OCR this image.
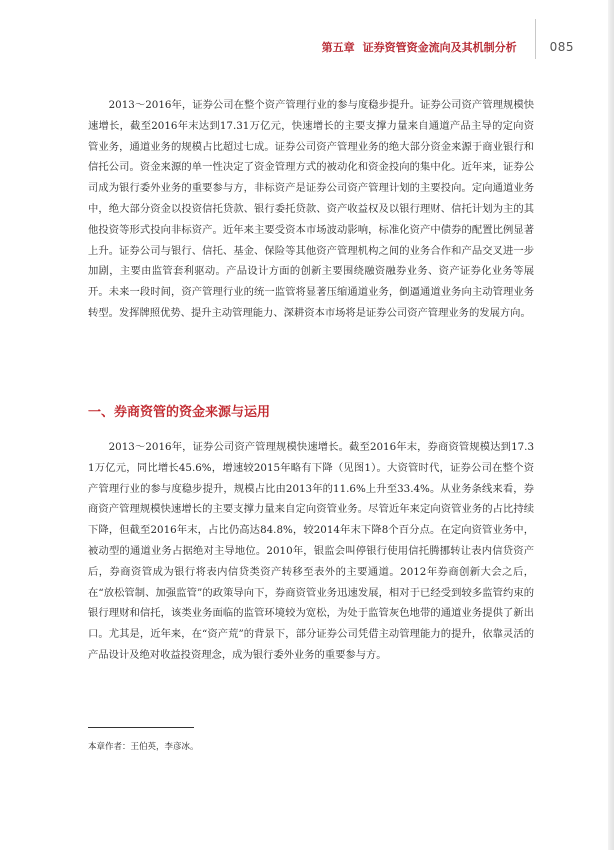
第五章 证券资管资金流向及其机制分析	085

2013～2016年，证券公司在整个资产管理行业的参与度稳步提升。证券公司资产管理规模快速增长，截至2016年末达到17.31万亿元，快速增长的主要支撑力量来自通道产品主导的定向资管业务，通道业务的规模占比超过七成。证券公司资产管理业务的绝大部分资金来源于商业银行和信托公司。资金来源的单一性决定了资金管理方式的被动化和资金投向的集中化。近年来，证券公司成为银行委外业务的重要参与方，非标资产是证券公司资产管理计划的主要投向。定向通道业务中，绝大部分资金以投资信托贷款、银行委托贷款、资产收益权及以银行理财、信托计划为主的其他投资等形式投向非标资产。近年来主要受资本市场波动影响，标准化资产中债券的配置比例显著上升。证券公司与银行、信托、基金、保险等其他资产管理机构之间的业务合作和产品交叉进一步加剧，主要由监管套利驱动。产品设计方面的创新主要围绕融资融券业务、资产证券化业务等展开。未来一段时间，资产管理行业的统一监管将显著压缩通道业务，倒逼通道业务向主动管理业务转型。发挥牌照优势、提升主动管理能力、深耕资本市场将是证券公司资产管理业务的发展方向。

一、券商资管的资金来源与运用

2013～2016年，证券公司资产管理规模快速增长。截至2016年末，券商资管规模达到17.31万亿元，同比增长45.6%，增速较2015年略有下降（见图1）。大资管时代，证券公司在整个资产管理行业的参与度稳步提升，规模占比由2013年的11.6%上升至33.4%。从业务条线来看，券商资产管理规模快速增长的主要支撑力量来自定向资管业务。尽管近年来定向资管业务的占比持续下降，但截至2016年末，占比仍高达84.8%，较2014年末下降8个百分点。在定向资管业务中，被动型的通道业务占据绝对主导地位。2010年，银监会叫停银行使用信托腾挪转让表内信贷资产后，券商资管成为银行将表内信贷类资产转移至表外的主要通道。2012年券商创新大会之后，在“放松管制、加强监管”的政策导向下，券商资管业务迅速发展，相对于已经受到较多监管约束的银行理财和信托，该类业务面临的监管环境较为宽松，为处于监管灰色地带的通道业务提供了新出口。尤其是，近年来，在“资产荒”的背景下，部分证券公司凭借主动管理能力的提升，依靠灵活的产品设计及绝对收益投资理念，成为银行委外业务的重要参与方。

本章作者：王伯英，李彦冰。
